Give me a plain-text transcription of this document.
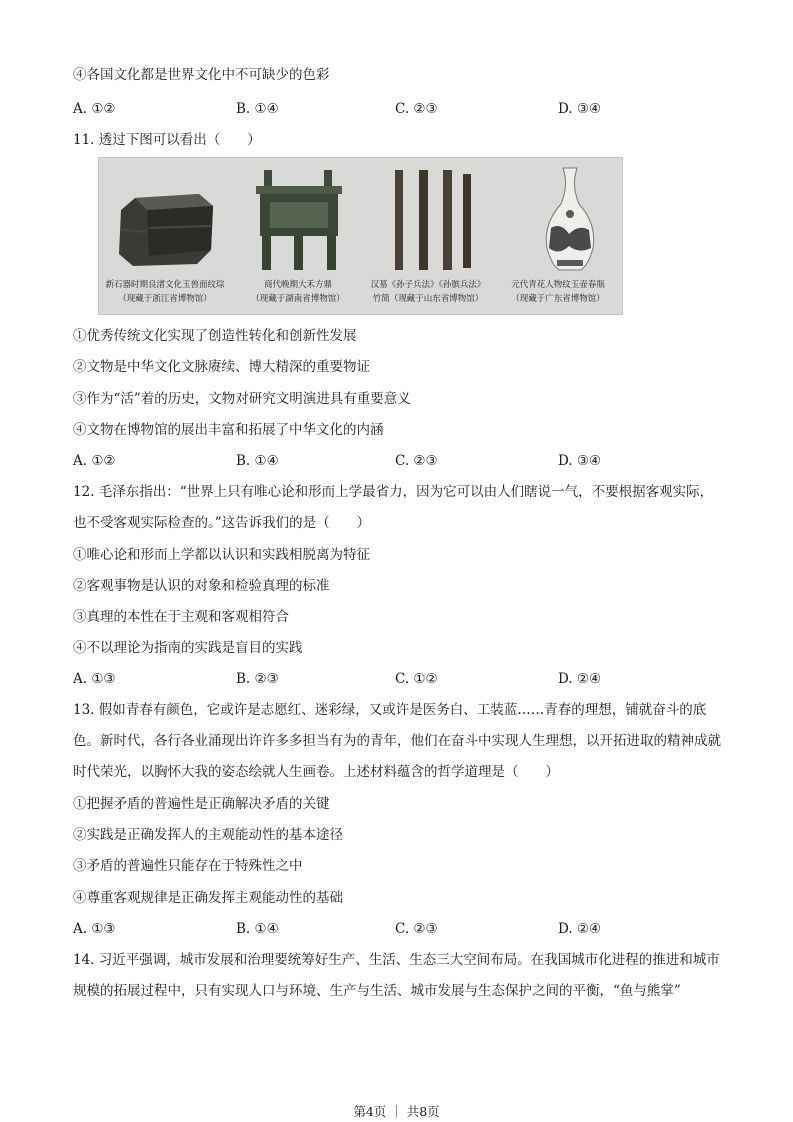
④各国文化都是世界文化中不可缺少的色彩
A. ①②	B. ①④	C. ②③	D. ③④
11. 透过下图可以看出（　　）
新石器时期良渚文化玉兽面纹琮
（现藏于浙江省博物馆）
商代晚期大禾方鼎
（现藏于湖南省博物馆）
汉墓《孙子兵法》《孙膑兵法》
竹简（现藏于山东省博物馆）
元代青花人物纹玉壶春瓶
（现藏于广东省博物馆）
①优秀传统文化实现了创造性转化和创新性发展
②文物是中华文化文脉赓续、博大精深的重要物证
③作为“活”着的历史，文物对研究文明演进具有重要意义
④文物在博物馆的展出丰富和拓展了中华文化的内涵
A. ①②	B. ①④	C. ②③	D. ③④
12. 毛泽东指出：“世界上只有唯心论和形而上学最省力，因为它可以由人们瞎说一气，不要根据客观实际，也不受客观实际检查的。”这告诉我们的是（　　）
①唯心论和形而上学都以认识和实践相脱离为特征
②客观事物是认识的对象和检验真理的标准
③真理的本性在于主观和客观相符合
④不以理论为指南的实践是盲目的实践
A. ①③	B. ②③	C. ①②	D. ②④
13. 假如青春有颜色，它或许是志愿红、迷彩绿，又或许是医务白、工装蓝……青春的理想，铺就奋斗的底色。新时代，各行各业涌现出许许多多担当有为的青年，他们在奋斗中实现人生理想，以开拓进取的精神成就时代荣光，以胸怀大我的姿态绘就人生画卷。上述材料蕴含的哲学道理是（　　）
①把握矛盾的普遍性是正确解决矛盾的关键
②实践是正确发挥人的主观能动性的基本途径
③矛盾的普遍性只能存在于特殊性之中
④尊重客观规律是正确发挥主观能动性的基础
A. ①③	B. ①④	C. ②③	D. ②④
14. 习近平强调，城市发展和治理要统筹好生产、生活、生态三大空间布局。在我国城市化进程的推进和城市规模的拓展过程中，只有实现人口与环境、生产与生活、城市发展与生态保护之间的平衡，“鱼与熊掌”
第4页 ｜ 共8页
